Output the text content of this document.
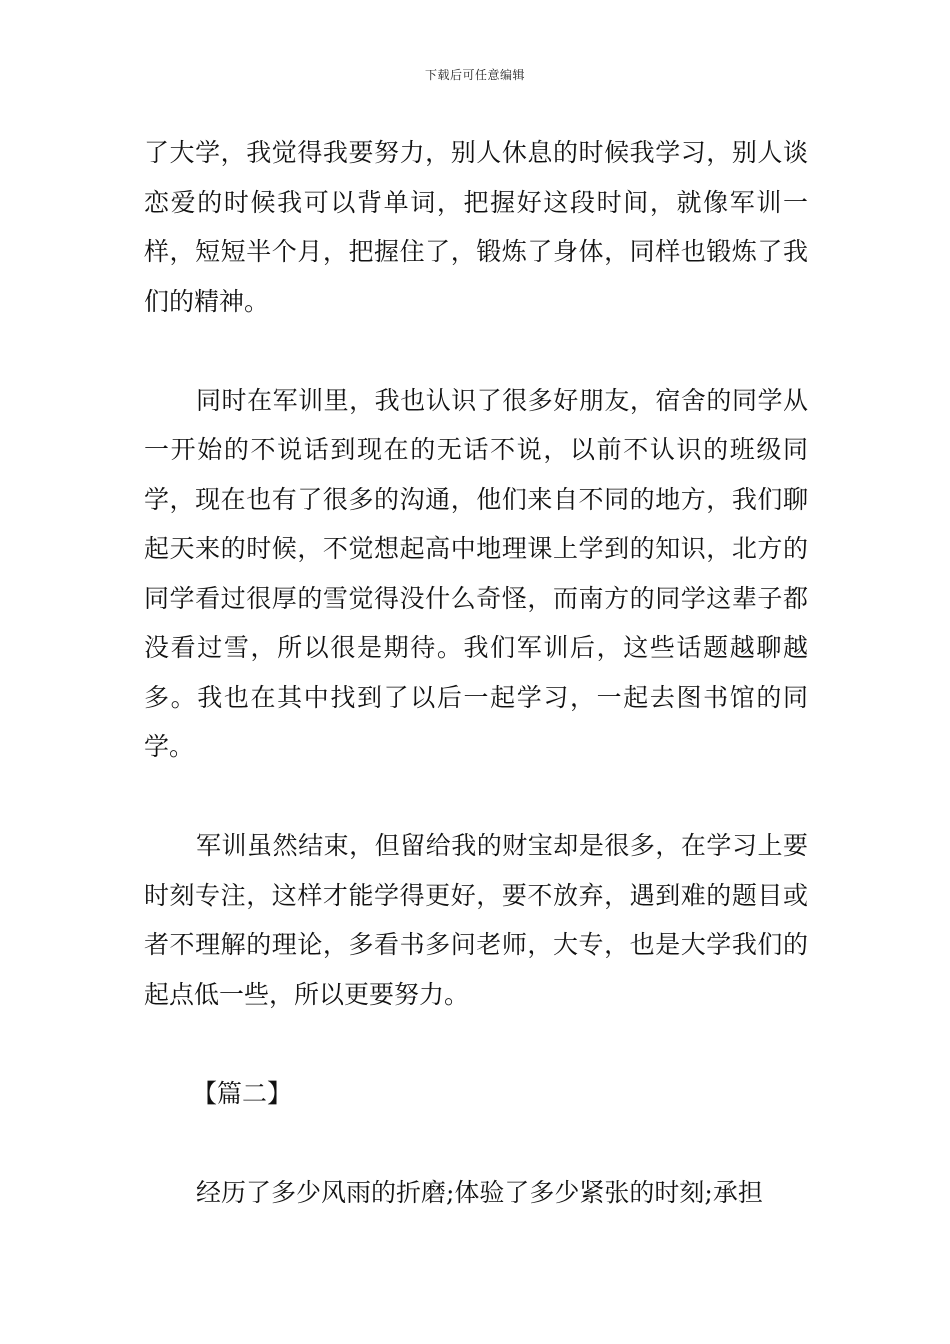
下载后可任意编辑

了大学，我觉得我要努力，别人休息的时候我学习，别人谈恋爱的时候我可以背单词，把握好这段时间，就像军训一样，短短半个月，把握住了，锻炼了身体，同样也锻炼了我们的精神。

同时在军训里，我也认识了很多好朋友，宿舍的同学从一开始的不说话到现在的无话不说，以前不认识的班级同学，现在也有了很多的沟通，他们来自不同的地方，我们聊起天来的时候，不觉想起高中地理课上学到的知识，北方的同学看过很厚的雪觉得没什么奇怪，而南方的同学这辈子都没看过雪，所以很是期待。我们军训后，这些话题越聊越多。我也在其中找到了以后一起学习，一起去图书馆的同学。

军训虽然结束，但留给我的财宝却是很多，在学习上要时刻专注，这样才能学得更好，要不放弃，遇到难的题目或者不理解的理论，多看书多问老师，大专，也是大学我们的起点低一些，所以更要努力。

【篇二】

经历了多少风雨的折磨;体验了多少紧张的时刻;承担
